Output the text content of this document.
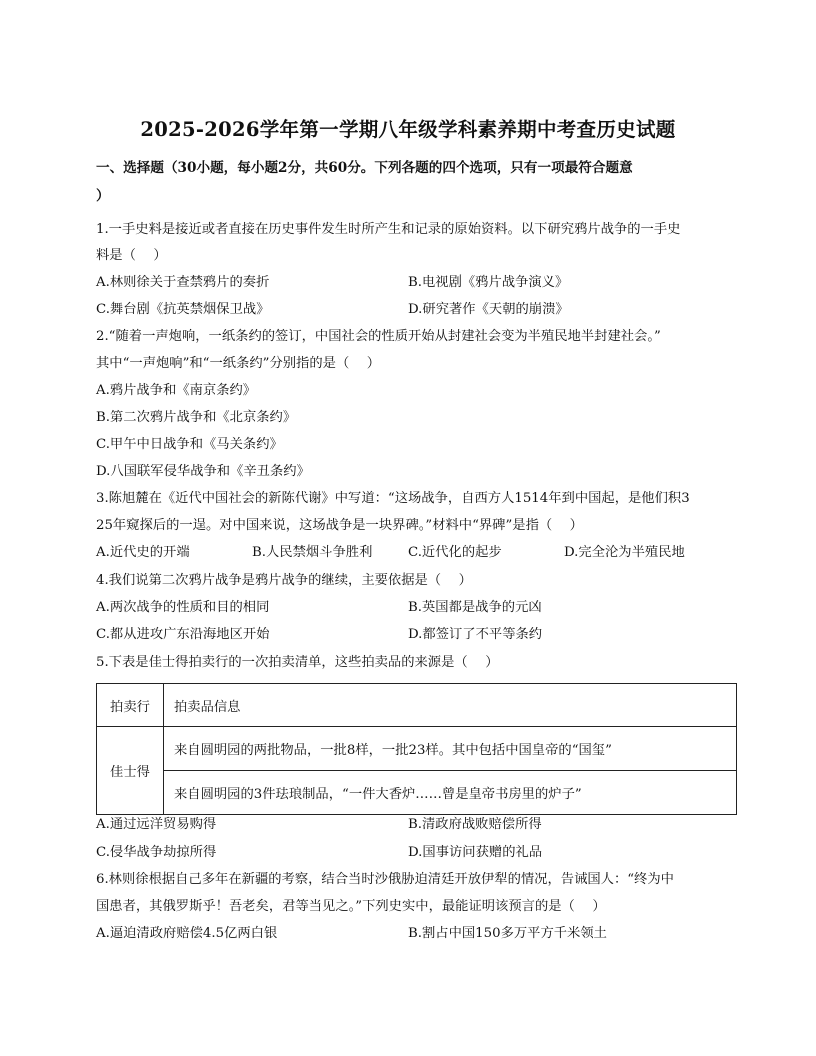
2025-2026学年第一学期八年级学科素养期中考查历史试题
一、选择题（30小题，每小题2分，共60分。下列各题的四个选项，只有一项最符合题意
）
1.一手史料是接近或者直接在历史事件发生时所产生和记录的原始资料。以下研究鸦片战争的一手史
料是（　 ）
A.林则徐关于查禁鸦片的奏折	B.电视剧《鸦片战争演义》
C.舞台剧《抗英禁烟保卫战》	D.研究著作《天朝的崩溃》
2.“随着一声炮响，一纸条约的签订，中国社会的性质开始从封建社会变为半殖民地半封建社会。”
其中“一声炮响”和“一纸条约”分别指的是（　 ）
A.鸦片战争和《南京条约》
B.第二次鸦片战争和《北京条约》
C.甲午中日战争和《马关条约》
D.八国联军侵华战争和《辛丑条约》
3.陈旭麓在《近代中国社会的新陈代谢》中写道：“这场战争，自西方人1514年到中国起，是他们积3
25年窥探后的一逞。对中国来说，这场战争是一块界碑。”材料中“界碑”是指（　 ）
A.近代史的开端	B.人民禁烟斗争胜利	C.近代化的起步	D.完全沦为半殖民地
4.我们说第二次鸦片战争是鸦片战争的继续，主要依据是（　 ）
A.两次战争的性质和目的相同	B.英国都是战争的元凶
C.都从进攻广东沿海地区开始	D.都签订了不平等条约
5.下表是佳士得拍卖行的一次拍卖清单，这些拍卖品的来源是（　 ）
拍卖行	拍卖品信息
佳士得	来自圆明园的两批物品，一批8样，一批23样。其中包括中国皇帝的“国玺”
	来自圆明园的3件珐琅制品，“一件大香炉……曾是皇帝书房里的炉子”
A.通过远洋贸易购得	B.清政府战败赔偿所得
C.侵华战争劫掠所得	D.国事访问获赠的礼品
6.林则徐根据自己多年在新疆的考察，结合当时沙俄胁迫清廷开放伊犁的情况，告诫国人：“终为中
国患者，其俄罗斯乎！吾老矣，君等当见之。”下列史实中，最能证明该预言的是（　 ）
A.逼迫清政府赔偿4.5亿两白银	B.割占中国150多万平方千米领土
